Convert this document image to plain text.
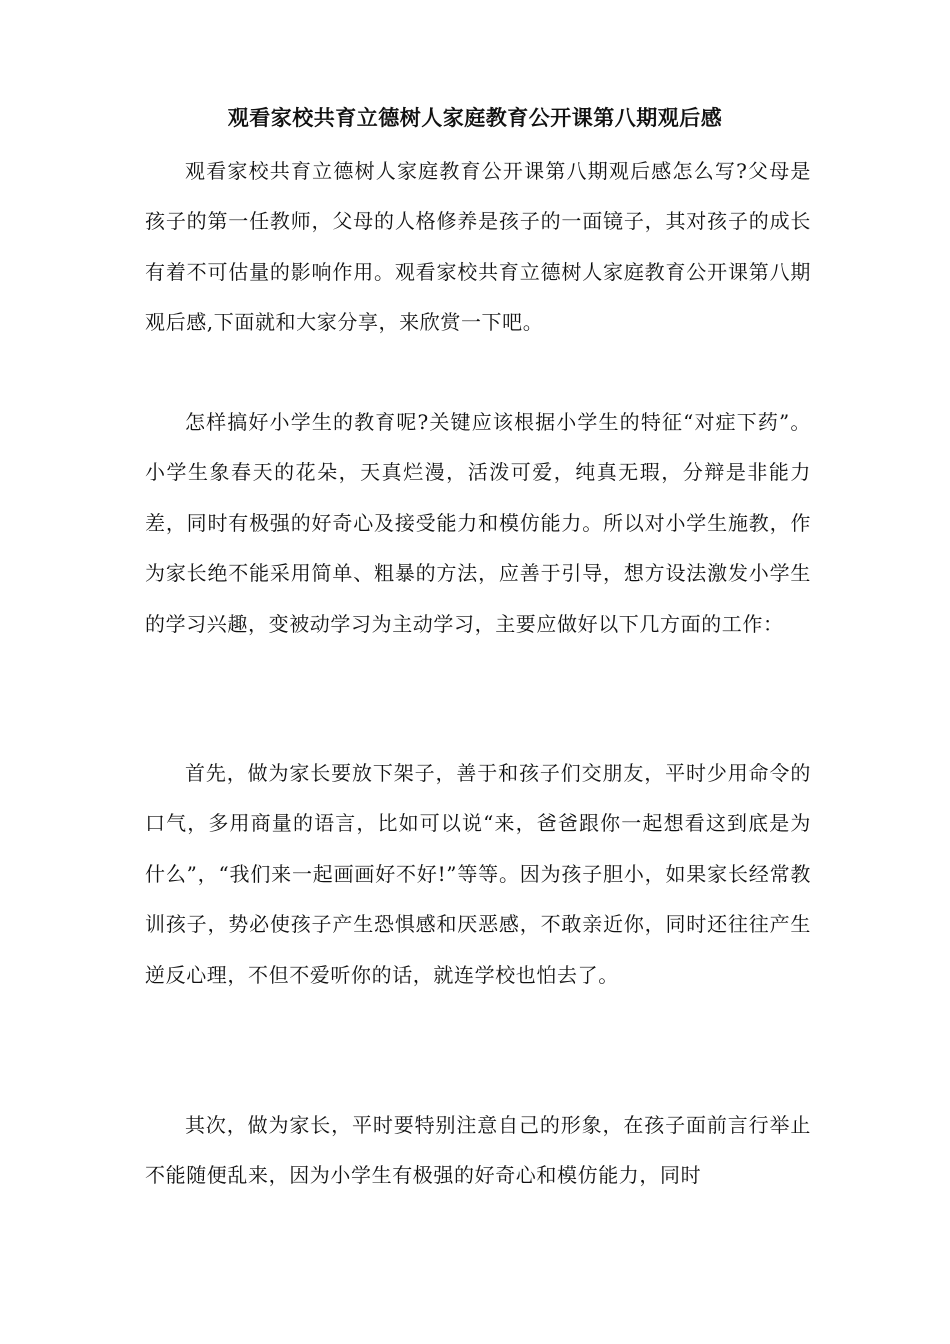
观看家校共育立德树人家庭教育公开课第八期观后感

观看家校共育立德树人家庭教育公开课第八期观后感怎么写?父母是孩子的第一任教师，父母的人格修养是孩子的一面镜子，其对孩子的成长有着不可估量的影响作用。观看家校共育立德树人家庭教育公开课第八期观后感,下面就和大家分享，来欣赏一下吧。

怎样搞好小学生的教育呢?关键应该根据小学生的特征“对症下药”。小学生象春天的花朵，天真烂漫，活泼可爱，纯真无瑕，分辩是非能力差，同时有极强的好奇心及接受能力和模仿能力。所以对小学生施教，作为家长绝不能采用简单、粗暴的方法，应善于引导，想方设法激发小学生的学习兴趣，变被动学习为主动学习，主要应做好以下几方面的工作：

首先，做为家长要放下架子，善于和孩子们交朋友，平时少用命令的口气，多用商量的语言，比如可以说“来，爸爸跟你一起想看这到底是为什么”，“我们来一起画画好不好!”等等。因为孩子胆小，如果家长经常教训孩子，势必使孩子产生恐惧感和厌恶感，不敢亲近你，同时还往往产生逆反心理，不但不爱听你的话，就连学校也怕去了。

其次，做为家长，平时要特别注意自己的形象，在孩子面前言行举止不能随便乱来，因为小学生有极强的好奇心和模仿能力，同时
